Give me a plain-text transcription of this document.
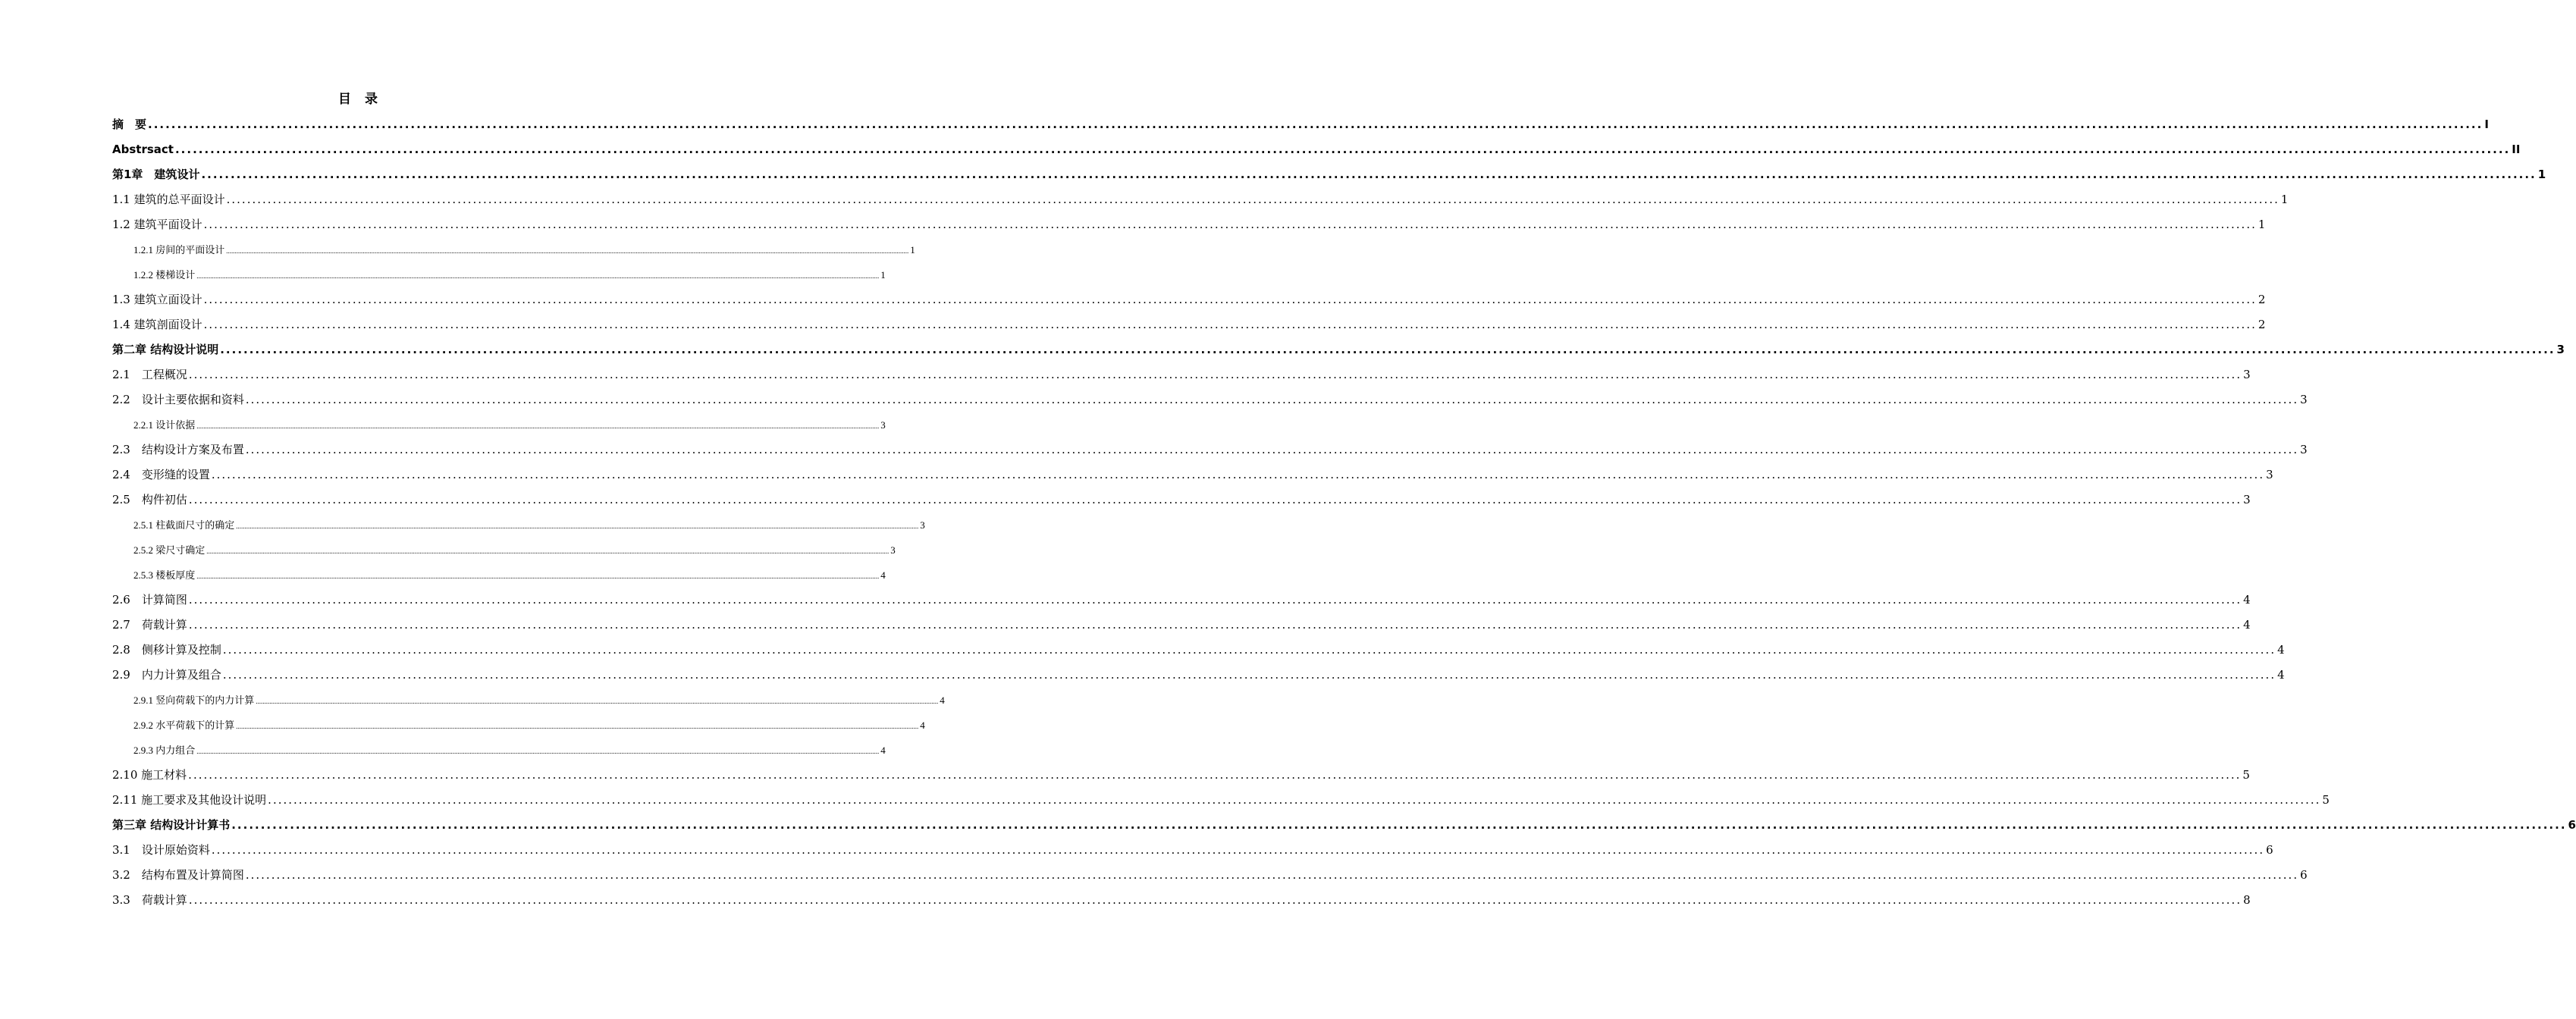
目 录
摘　要 ................................................................................................................................................................................................................................................................................................................................................................................................................ I
Abstrsact ................................................................................................................................................................................................................................................................................................................................................................................................................ II
第1章　建筑设计 ................................................................................................................................................................................................................................................................................................................................................................................................................ 1
1.1 建筑的总平面设计 ................................................................................................................................................................................................................................................................................................................................................................................................................ 1
1.2 建筑平面设计 ................................................................................................................................................................................................................................................................................................................................................................................................................ 1
1.2.1 房间的平面设计 ................................................................................................................................................................................................................................................................................................................................................................................................................ 1
1.2.2 楼梯设计 ................................................................................................................................................................................................................................................................................................................................................................................................................ 1
1.3 建筑立面设计 ................................................................................................................................................................................................................................................................................................................................................................................................................ 2
1.4 建筑剖面设计 ................................................................................................................................................................................................................................................................................................................................................................................................................ 2
第二章 结构设计说明 ................................................................................................................................................................................................................................................................................................................................................................................................................ 3
2.1　工程概况 ................................................................................................................................................................................................................................................................................................................................................................................................................ 3
2.2　设计主要依据和资料 ................................................................................................................................................................................................................................................................................................................................................................................................................ 3
2.2.1 设计依据 ................................................................................................................................................................................................................................................................................................................................................................................................................ 3
2.3　结构设计方案及布置 ................................................................................................................................................................................................................................................................................................................................................................................................................ 3
2.4　变形缝的设置 ................................................................................................................................................................................................................................................................................................................................................................................................................ 3
2.5　构件初估 ................................................................................................................................................................................................................................................................................................................................................................................................................ 3
2.5.1 柱截面尺寸的确定 ................................................................................................................................................................................................................................................................................................................................................................................................................ 3
2.5.2 梁尺寸确定 ................................................................................................................................................................................................................................................................................................................................................................................................................ 3
2.5.3 楼板厚度 ................................................................................................................................................................................................................................................................................................................................................................................................................ 4
2.6　计算简图 ................................................................................................................................................................................................................................................................................................................................................................................................................ 4
2.7　荷载计算 ................................................................................................................................................................................................................................................................................................................................................................................................................ 4
2.8　侧移计算及控制 ................................................................................................................................................................................................................................................................................................................................................................................................................ 4
2.9　内力计算及组合 ................................................................................................................................................................................................................................................................................................................................................................................................................ 4
2.9.1 竖向荷载下的内力计算 ................................................................................................................................................................................................................................................................................................................................................................................................................ 4
2.9.2 水平荷载下的计算 ................................................................................................................................................................................................................................................................................................................................................................................................................ 4
2.9.3 内力组合 ................................................................................................................................................................................................................................................................................................................................................................................................................ 4
2.10 施工材料 ................................................................................................................................................................................................................................................................................................................................................................................................................ 5
2.11 施工要求及其他设计说明 ................................................................................................................................................................................................................................................................................................................................................................................................................ 5
第三章 结构设计计算书 ................................................................................................................................................................................................................................................................................................................................................................................................................ 6
3.1　设计原始资料 ................................................................................................................................................................................................................................................................................................................................................................................................................ 6
3.2　结构布置及计算简图 ................................................................................................................................................................................................................................................................................................................................................................................................................ 6
3.3　荷载计算 ................................................................................................................................................................................................................................................................................................................................................................................................................ 8
